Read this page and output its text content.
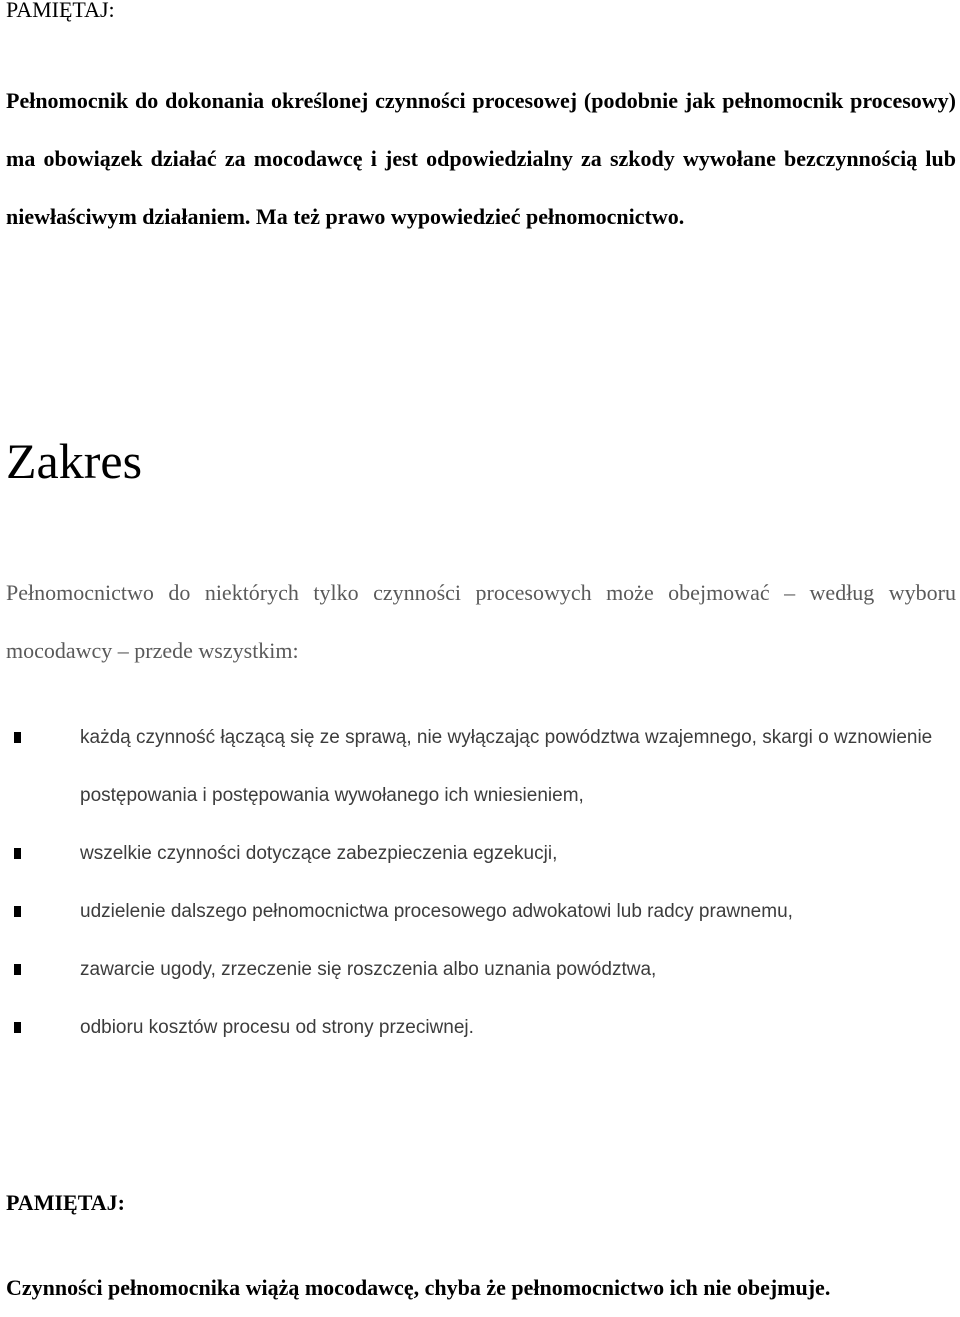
PAMIĘTAJ:

Pełnomocnik do dokonania określonej czynności procesowej (podobnie jak pełnomocnik procesowy) ma obowiązek działać za mocodawcę i jest odpowiedzialny za szkody wywołane bezczynnością lub niewłaściwym działaniem. Ma też prawo wypowiedzieć pełnomocnictwo.

Zakres

Pełnomocnictwo do niektórych tylko czynności procesowych może obejmować – według wyboru mocodawcy – przede wszystkim:

każdą czynność łączącą się ze sprawą, nie wyłączając powództwa wzajemnego, skargi o wznowienie postępowania i postępowania wywołanego ich wniesieniem,
wszelkie czynności dotyczące zabezpieczenia egzekucji,
udzielenie dalszego pełnomocnictwa procesowego adwokatowi lub radcy prawnemu,
zawarcie ugody, zrzeczenie się roszczenia albo uznania powództwa,
odbioru kosztów procesu od strony przeciwnej.
PAMIĘTAJ:

Czynności pełnomocnika wiążą mocodawcę, chyba że pełnomocnictwo ich nie obejmuje.
